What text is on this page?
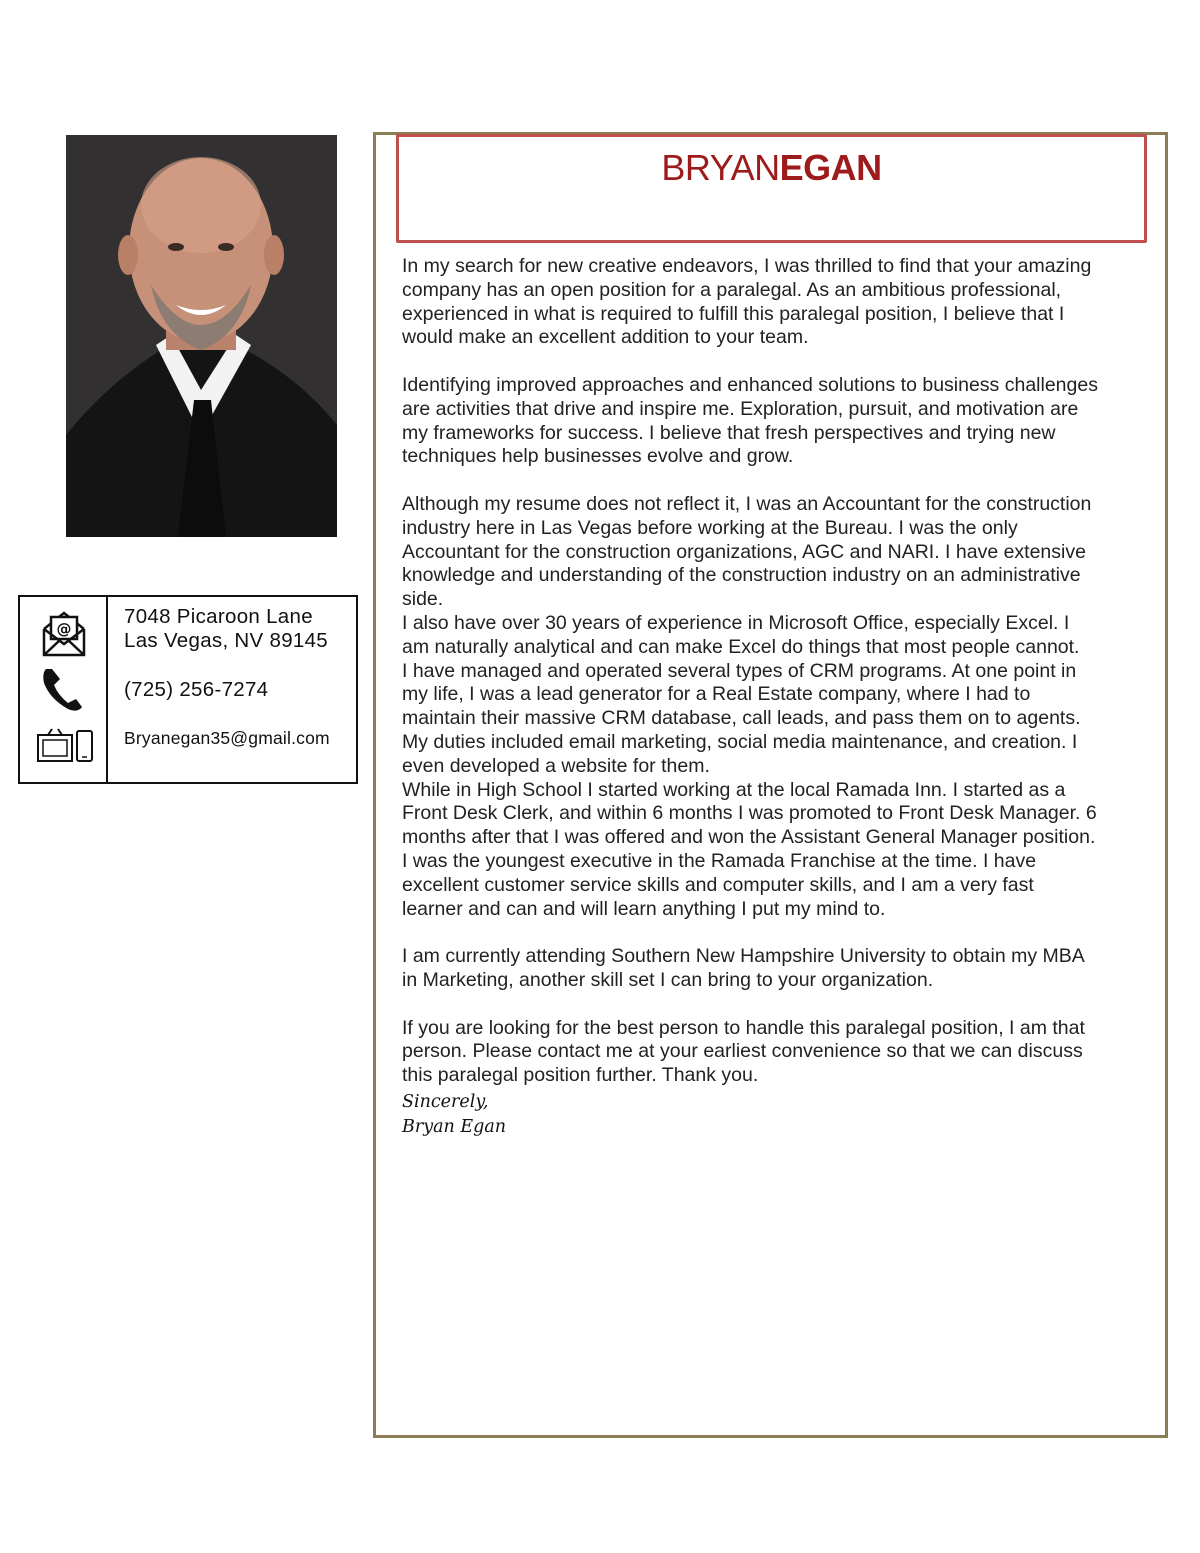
@
7048 Picaroon Lane
Las Vegas, NV 89145
(725) 256-7274
Bryanegan35@gmail.com
BRYANEGAN

In my search for new creative endeavors, I was thrilled to find that your amazing
company has an open position for a paralegal. As an ambitious professional,
experienced in what is required to fulfill this paralegal position, I believe that I
would make an excellent addition to your team.

Identifying improved approaches and enhanced solutions to business challenges
are activities that drive and inspire me. Exploration, pursuit, and motivation are
my frameworks for success. I believe that fresh perspectives and trying new
techniques help businesses evolve and grow.

Although my resume does not reflect it, I was an Accountant for the construction
industry here in Las Vegas before working at the Bureau. I was the only
Accountant for the construction organizations, AGC and NARI. I have extensive
knowledge and understanding of the construction industry on an administrative
side.
I also have over 30 years of experience in Microsoft Office, especially Excel. I
am naturally analytical and can make Excel do things that most people cannot.
I have managed and operated several types of CRM programs. At one point in
my life, I was a lead generator for a Real Estate company, where I had to
maintain their massive CRM database, call leads, and pass them on to agents.
My duties included email marketing, social media maintenance, and creation. I
even developed a website for them.
While in High School I started working at the local Ramada Inn. I started as a
Front Desk Clerk, and within 6 months I was promoted to Front Desk Manager. 6
months after that I was offered and won the Assistant General Manager position.
I was the youngest executive in the Ramada Franchise at the time. I have
excellent customer service skills and computer skills, and I am a very fast
learner and can and will learn anything I put my mind to.

I am currently attending Southern New Hampshire University to obtain my MBA
in Marketing, another skill set I can bring to your organization.

If you are looking for the best person to handle this paralegal position, I am that
person. Please contact me at your earliest convenience so that we can discuss
this paralegal position further. Thank you.

Sincerely,
Bryan Egan
